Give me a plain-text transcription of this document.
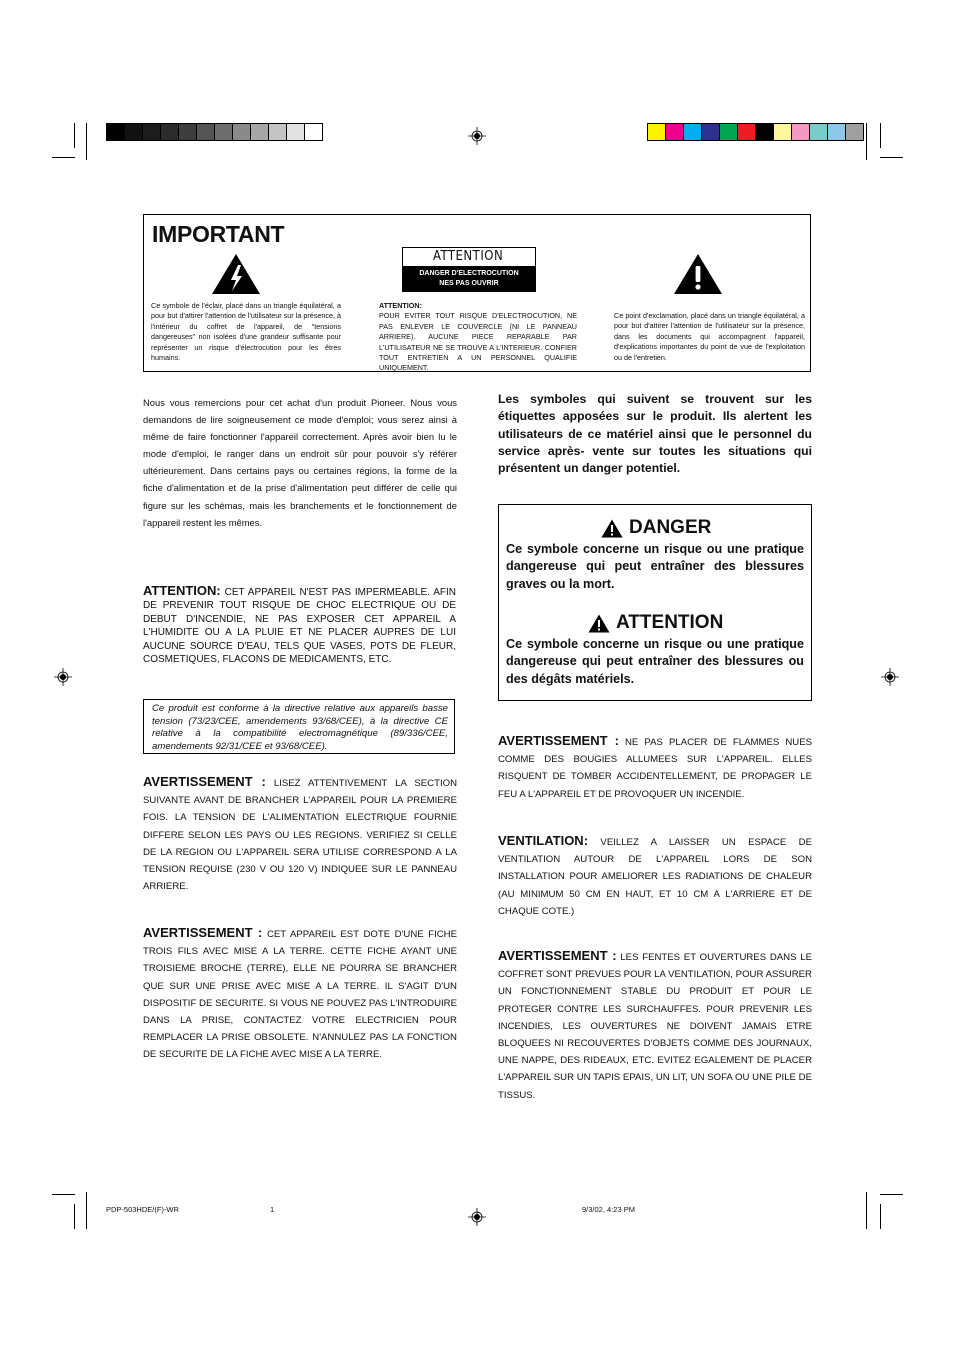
IMPORTANT
Ce symbole de l'éclair, placé dans un triangle équilatéral, a pour but d'attirer l'attention de l'utilisateur sur la présence, à l'intérieur du coffret de l'appareil, de "tensions dangereuses" non isolées d'une grandeur suffisante pour représenter un risque d'électrocution pour les êtres humains.
ATTENTION
DANGER D'ELECTROCUTION
NES PAS OUVRIR
ATTENTION:
POUR EVITER TOUT RISQUE D'ELECTROCUTION, NE PAS ENLEVER LE COUVERCLE (NI LE PANNEAU ARRIERE). AUCUNE PIECE REPARABLE PAR L'UTILISATEUR NE SE TROUVE A L'INTERIEUR. CONFIER TOUT ENTRETIEN A UN PERSONNEL QUALIFIE UNIQUEMENT.
Ce point d'exclamation, placé dans un triangle équilatéral, a pour but d'attirer l'attention de l'utilisateur sur la présence, dans les documents qui accompagnent l'appareil, d'explications importantes du point de vue de l'exploitation ou de l'entretien.

Nous vous remercions pour cet achat d'un produit Pioneer. Nous vous demandons de lire soigneusement ce mode d'emploi; vous serez ainsi à même de faire fonctionner l'appareil correctement. Après avoir bien lu le mode d'emploi, le ranger dans un endroit sûr pour pouvoir s'y référer ultérieurement. Dans certains pays ou certaines régions, la forme de la fiche d'alimentation et de la prise d'alimentation peut différer de celle qui figure sur les schémas, mais les branchements et le fonctionnement de l'appareil restent les mêmes.

ATTENTION: CET APPAREIL N'EST PAS IMPERMEABLE. AFIN DE PREVENIR TOUT RISQUE DE CHOC ELECTRIQUE OU DE DEBUT D'INCENDIE, NE PAS EXPOSER CET APPAREIL A L'HUMIDITE OU A LA PLUIE ET NE PLACER AUPRES DE LUI AUCUNE SOURCE D'EAU, TELS QUE VASES, POTS DE FLEUR, COSMETIQUES, FLACONS DE MEDICAMENTS, ETC.

Ce produit est conforme à la directive relative aux appareils basse tension (73/23/CEE, amendements 93/68/CEE), à la directive CE relative à la compatibilité electromagnétique (89/336/CEE, amendements 92/31/CEE et 93/68/CEE).

AVERTISSEMENT : LISEZ ATTENTIVEMENT LA SECTION SUIVANTE AVANT DE BRANCHER L'APPAREIL POUR LA PREMIERE FOIS. LA TENSION DE L'ALIMENTATION ELECTRIQUE FOURNIE DIFFERE SELON LES PAYS OU LES REGIONS. VERIFIEZ SI CELLE DE LA REGION OU L'APPAREIL SERA UTILISE CORRESPOND A LA TENSION REQUISE (230 V OU 120 V) INDIQUEE SUR LE PANNEAU ARRIERE.

AVERTISSEMENT : CET APPAREIL EST DOTE D'UNE FICHE TROIS FILS AVEC MISE A LA TERRE. CETTE FICHE AYANT UNE TROISIEME BROCHE (TERRE), ELLE NE POURRA SE BRANCHER QUE SUR UNE PRISE AVEC MISE A LA TERRE. IL S'AGIT D'UN DISPOSITIF DE SECURITE. SI VOUS NE POUVEZ PAS L'INTRODUIRE DANS LA PRISE, CONTACTEZ VOTRE ELECTRICIEN POUR REMPLACER LA PRISE OBSOLETE. N'ANNULEZ PAS LA FONCTION DE SECURITE DE LA FICHE AVEC MISE A LA TERRE.

Les symboles qui suivent se trouvent sur les étiquettes apposées sur le produit. Ils alertent les utilisateurs de ce matériel ainsi que le personnel du service après- vente sur toutes les situations qui présentent un danger potentiel.

DANGER

Ce symbole concerne un risque ou une pratique dangereuse qui peut entraîner des blessures graves ou la mort.

ATTENTION

Ce symbole concerne un risque ou une pratique dangereuse qui peut entraîner des blessures ou des dégâts matériels.

AVERTISSEMENT : NE PAS PLACER DE FLAMMES NUES COMME DES BOUGIES ALLUMEES SUR L'APPAREIL. ELLES RISQUENT DE TOMBER ACCIDENTELLEMENT, DE PROPAGER LE FEU A L'APPAREIL ET DE PROVOQUER UN INCENDIE.

VENTILATION: VEILLEZ A LAISSER UN ESPACE DE VENTILATION AUTOUR DE L'APPAREIL LORS DE SON INSTALLATION POUR AMELIORER LES RADIATIONS DE CHALEUR (AU MINIMUM 50 CM EN HAUT, ET 10 CM A L'ARRIERE ET DE CHAQUE COTE.)

AVERTISSEMENT : LES FENTES ET OUVERTURES DANS LE COFFRET SONT PREVUES POUR LA VENTILATION, POUR ASSURER UN FONCTIONNEMENT STABLE DU PRODUIT ET POUR LE PROTEGER CONTRE LES SURCHAUFFES. POUR PREVENIR LES INCENDIES, LES OUVERTURES NE DOIVENT JAMAIS ETRE BLOQUEES NI RECOUVERTES D'OBJETS COMME DES JOURNAUX, UNE NAPPE, DES RIDEAUX, ETC. EVITEZ EGALEMENT DE PLACER L'APPAREIL SUR UN TAPIS EPAIS, UN LIT, UN SOFA OU UNE PILE DE TISSUS.

PDP-503HDE/(F)-WR	1	9/3/02, 4:23 PM
